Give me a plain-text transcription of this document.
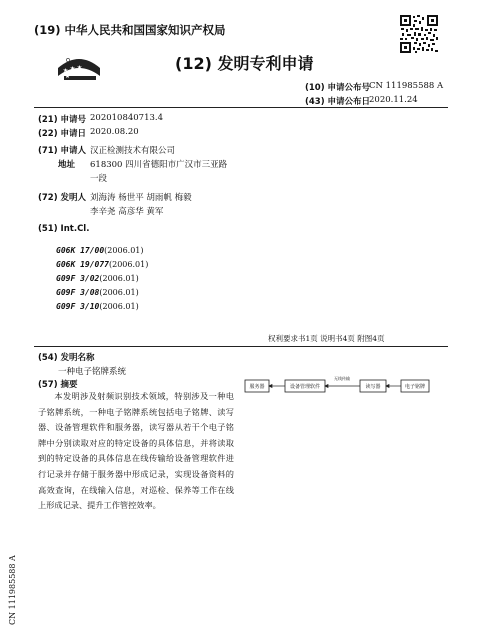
(19) 中华人民共和国国家知识产权局
(12) 发明专利申请
(10) 申请公布号
CN 111985588 A
(43) 申请公布日
2020.11.24
(21) 申请号 202010840713.4
(22) 申请日 2020.08.20
(71) 申请人 汉正检测技术有限公司
地址 618300 四川省德阳市广汉市三亚路
一段
(72) 发明人 刘海涛 杨世平 胡雨帆 梅毅
李辛尧 高彦华 黄军
(51) Int.Cl.
G06K 17/00(2006.01)
G06K 19/077(2006.01)
G09F 3/02(2006.01)
G09F 3/08(2006.01)
G09F 3/10(2006.01)
权利要求书1页 说明书4页 附图4页
(54) 发明名称
一种电子铭牌系统
(57) 摘要
本发明涉及射频识别技术领域，特别涉及一种电子铭牌系统，一种电子铭牌系统包括电子铭牌、读写器、设备管理软件和服务器，读写器从若干个电子铭牌中分别读取对应的特定设备的具体信息，并将读取到的特定设备的具体信息在线传输给设备管理软件进行记录并存储于服务器中形成记录，实现设备资料的高效查询，在线输入信息，对巡检、保养等工作在线上形成记录、提升工作管控效率。
服务器	设备管理软件	读写器	电子铭牌
无线传输
CN 111985588 A
